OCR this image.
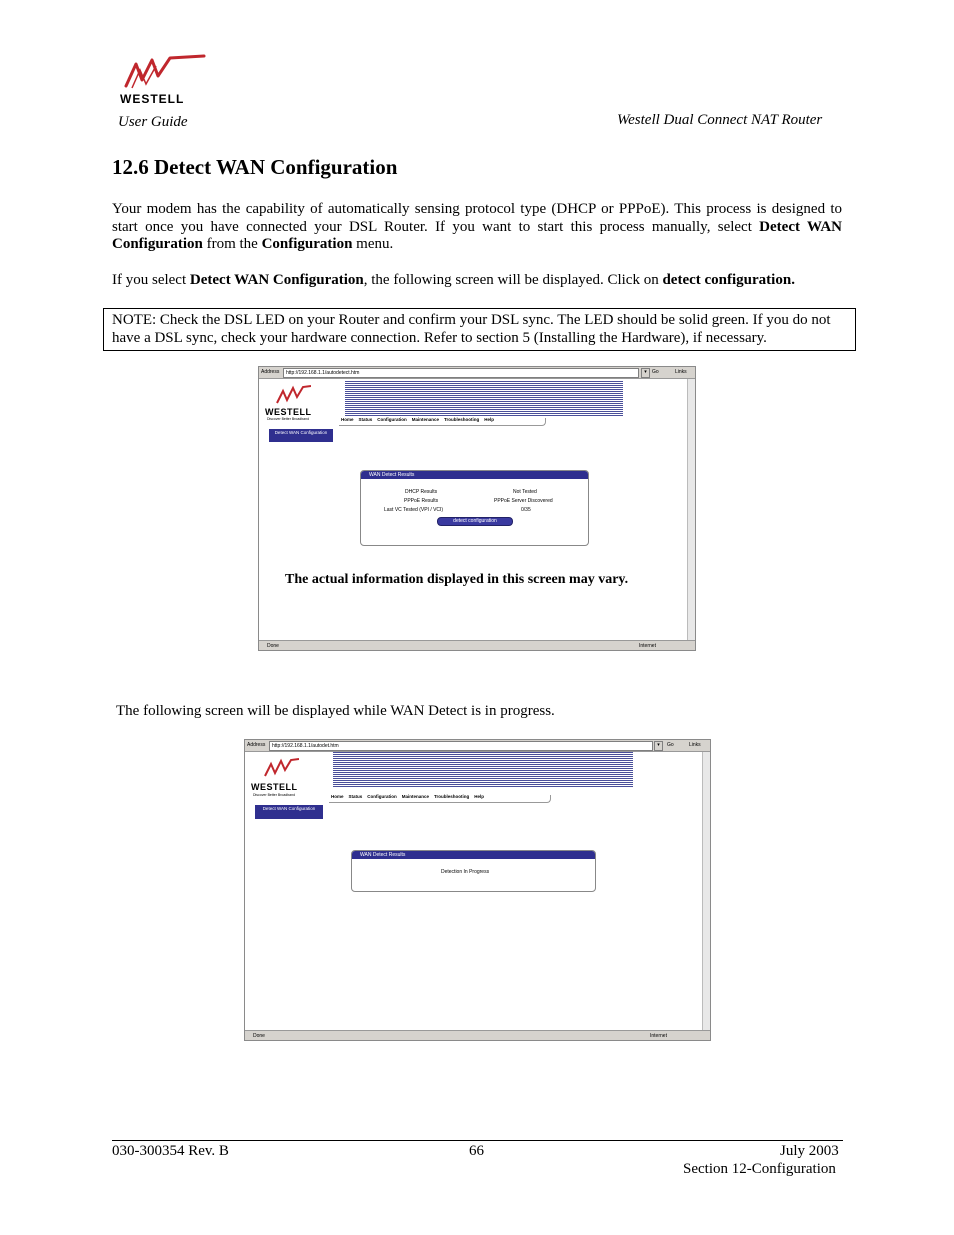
WESTELL
User Guide	Westell Dual Connect NAT Router
12.6 Detect WAN Configuration
Your modem has the capability of automatically sensing protocol type (DHCP or PPPoE). This process is designed to start once you have connected your DSL Router. If you want to start this process manually, select Detect WAN Configuration from the Configuration menu.
If you select Detect WAN Configuration, the following screen will be displayed. Click on detect configuration.
NOTE: Check the DSL LED on your Router and confirm your DSL sync. The LED should be solid green. If you do not have a DSL sync, check your hardware connection. Refer to section 5 (Installing the Hardware), if necessary.
Address	http://192.168.1.1/autodetect.htm	▾	Go	Links
WESTELL
Discover Better Broadband	Home Status Configuration Maintenance Troubleshooting Help
Detect WAN Configuration
WAN Detect Results
DHCP Results	Not Tested
PPPoE Results	PPPoE Server Discovered
Last VC Tested (VPI / VCI)	0/35
detect configuration
Done	Internet
The actual information displayed in this screen may vary.
The following screen will be displayed while WAN Detect is in progress.
Address	http://192.168.1.1/autodet.htm	▾	Go	Links
WESTELL
Discover Better Broadband	Home Status Configuration Maintenance Troubleshooting Help
Detect WAN Configuration
WAN Detect Results
Detection In Progress
Done	Internet
030-300354 Rev. B	66	July 2003
Section 12-Configuration
